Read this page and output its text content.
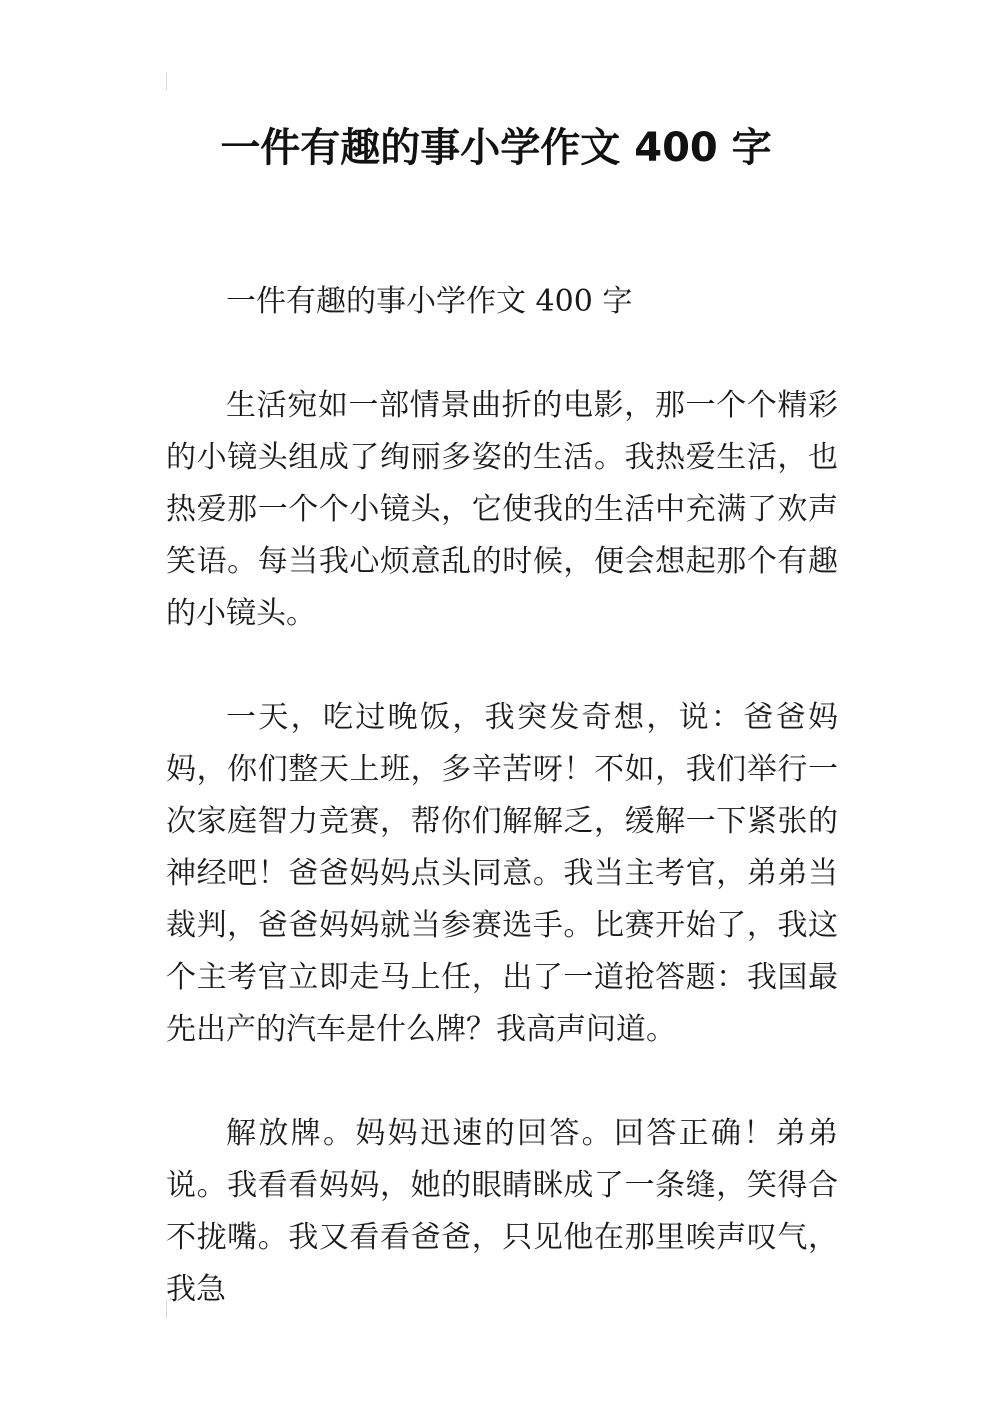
一件有趣的事小学作文 400 字

一件有趣的事小学作文 400 字

生活宛如一部情景曲折的电影，那一个个精彩的小镜头组成了绚丽多姿的生活。我热爱生活，也热爱那一个个小镜头，它使我的生活中充满了欢声笑语。每当我心烦意乱的时候，便会想起那个有趣的小镜头。

一天，吃过晚饭，我突发奇想，说：爸爸妈妈，你们整天上班，多辛苦呀！不如，我们举行一次家庭智力竞赛，帮你们解解乏，缓解一下紧张的神经吧！爸爸妈妈点头同意。我当主考官，弟弟当裁判，爸爸妈妈就当参赛选手。比赛开始了，我这个主考官立即走马上任，出了一道抢答题：我国最先出产的汽车是什么牌？我高声问道。

解放牌。妈妈迅速的回答。回答正确！弟弟说。我看看妈妈，她的眼睛眯成了一条缝，笑得合不拢嘴。我又看看爸爸，只见他在那里唉声叹气，我急
